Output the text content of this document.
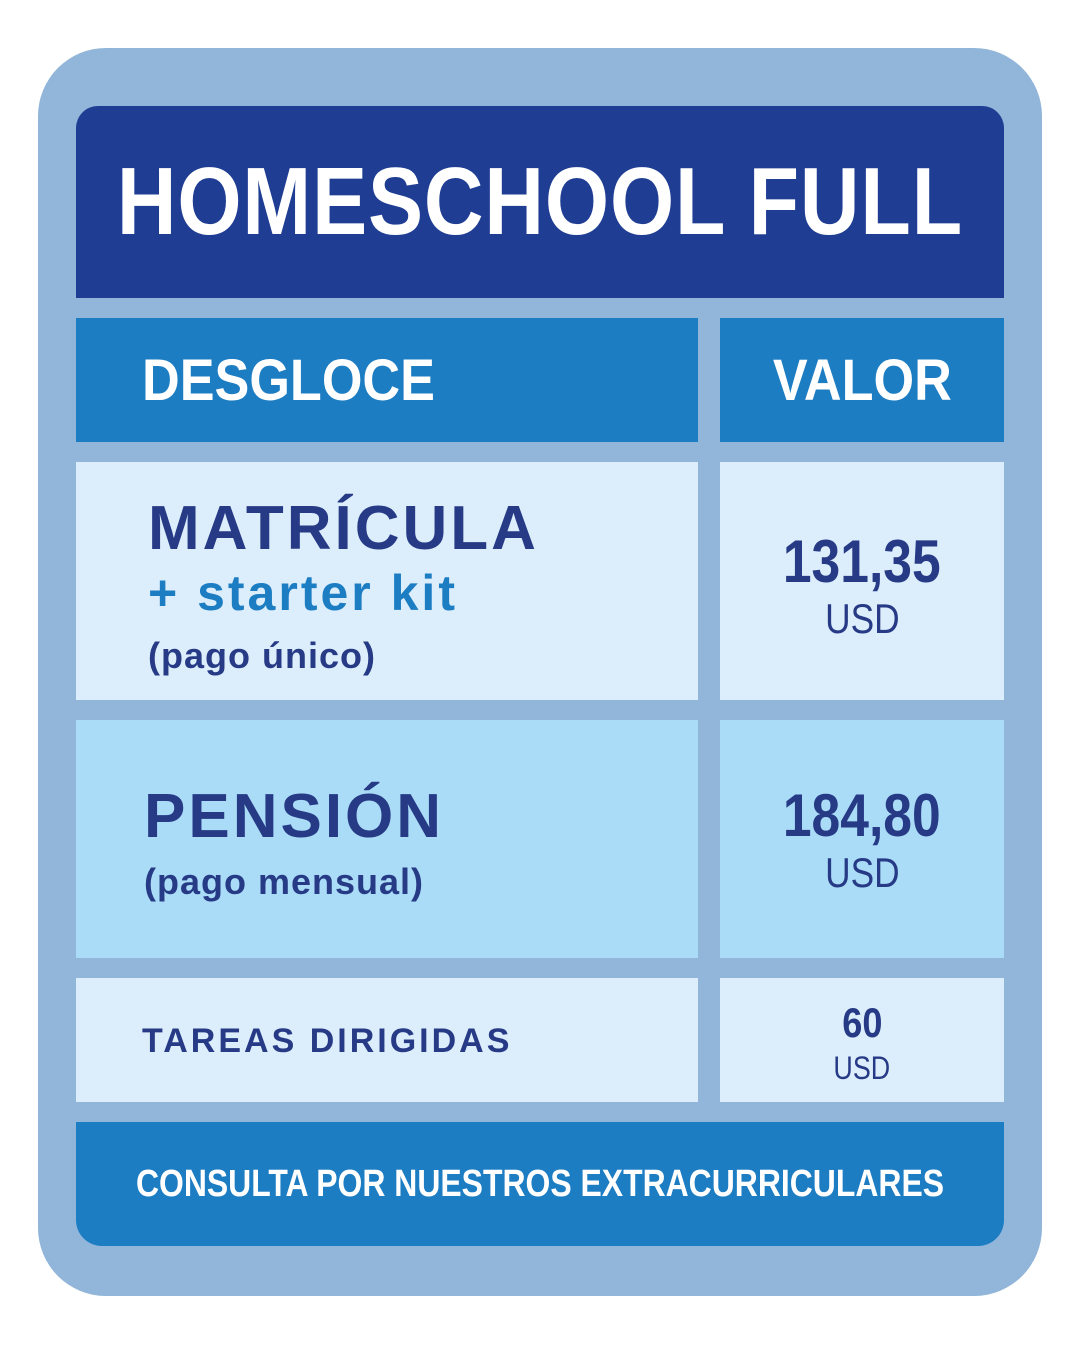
HOMESCHOOL FULL
DESGLOCE	VALOR
MATRÍCULA
+ starter kit
(pago único)
131,35
USD
PENSIÓN
(pago mensual)
184,80
USD
TAREAS DIRIGIDAS	60
USD
CONSULTA POR NUESTROS EXTRACURRICULARES
